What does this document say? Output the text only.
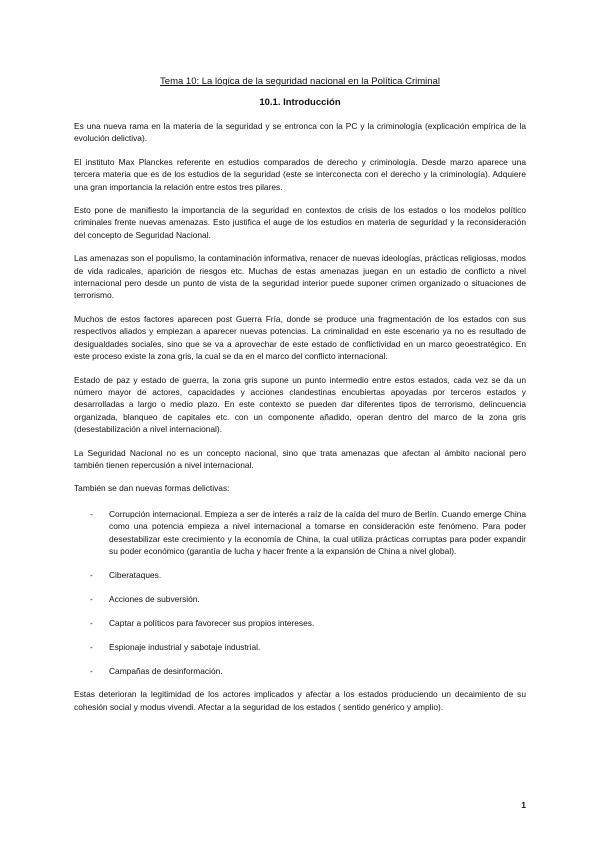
Tema 10: La lógica de la seguridad nacional en la Política Criminal
10.1. Introducción

Es una nueva rama en la materia de la seguridad y se entronca con la PC y la criminología (explicación empírica de la evolución delictiva).

El instituto Max Planckes referente en estudios comparados de derecho y criminología. Desde marzo aparece una tercera materia que es de los estudios de la seguridad (este se interconecta con el derecho y la criminología). Adquiere una gran importancia la relación entre estos tres pilares.

Esto pone de manifiesto la importancia de la seguridad en contextos de crisis de los estados o los modelos político criminales frente nuevas amenazas. Esto justifica el auge de los estudios en materia de seguridad y la reconsideración del concepto de Seguridad Nacional.

Las amenazas son el populismo, la contaminación informativa, renacer de nuevas ideologías, prácticas religiosas, modos de vida radicales, aparición de riesgos etc. Muchas de estas amenazas juegan en un estadio de conflicto a nivel internacional pero desde un punto de vista de la seguridad interior puede suponer crimen organizado o situaciones de terrorismo.

Muchos de estos factores aparecen post Guerra Fría, donde se produce una fragmentación de los estados con sus respectivos aliados y empiezan a aparecer nuevas potencias. La criminalidad en este escenario ya no es resultado de desigualdades sociales, sino que se va a aprovechar de este estado de conflictividad en un marco geoestratégico. En este proceso existe la zona gris, la cual se da en el marco del conflicto internacional.

Estado de paz y estado de guerra, la zona gris supone un punto intermedio entre estos estados, cada vez se da un número mayor de actores, capacidades y acciones clandestinas encubiertas apoyadas por terceros estados y desarrolladas a largo o medio plazo. En este contexto se pueden dar diferentes tipos de terrorismo, delincuencia organizada, blanqueo de capitales etc. con un componente añadido, operan dentro del marco de la zona gris (desestabilización a nivel internacional).

La Seguridad Nacional no es un concepto nacional, sino que trata amenazas que afectan al ámbito nacional pero también tienen repercusión a nivel internacional.

También se dan nuevas formas delictivas:

- Corrupción internacional. Empieza a ser de interés a raíz de la caída del muro de Berlín. Cuando emerge China como una potencia empieza a nivel internacional a tomarse en consideración este fenómeno. Para poder desestabilizar este crecimiento y la economía de China, la cual utiliza prácticas corruptas para poder expandir su poder económico (garantía de lucha y hacer frente a la expansión de China a nivel global).
- Ciberataques.
- Acciones de subversión.
- Captar a políticos para favorecer sus propios intereses.
- Espionaje industrial y sabotaje industrial.
- Campañas de desinformación.

Estas deterioran la legitimidad de los actores implicados y afectar a los estados produciendo un decaimiento de su cohesión social y modus vivendi. Afectar a la seguridad de los estados ( sentido genérico y amplio).

1
